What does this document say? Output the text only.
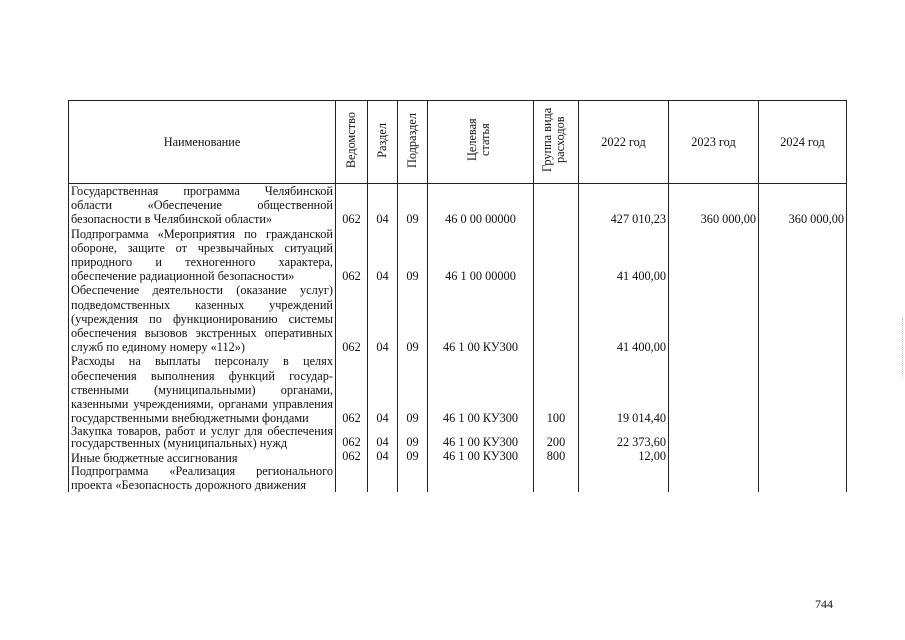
Наименование	Ведомство	Раздел	Подраздел	Целевая статья	Группа вида расходов	2022 год	2023 год	2024 год
Государственная программа Челябинской области «Обеспечение общественной безопасности в Челябинской области»	062	04	09	46 0 00 00000		427 010,23	360 000,00	360 000,00
Подпрограмма «Мероприятия по гражданской обороне, защите от чрезвычайных ситуаций природного и техногенного характера, обеспечение радиационной безопасности»	062	04	09	46 1 00 00000		41 400,00		
Обеспечение деятельности (оказание услуг) подведомственных казенных учреждений (учреждения по функционированию системы обеспечения вызовов экстренных оперативных служб по единому номеру «112»)	062	04	09	46 1 00 КУ300		41 400,00		
Расходы на выплаты персоналу в целях обеспечения выполнения функций государственными (муниципальными) органами, казенными учреждениями, органами управления государственными внебюджетными фондами	062	04	09	46 1 00 КУ300	100	19 014,40		
Закупка товаров, работ и услуг для обеспечения государственных (муниципальных) нужд	062	04	09	46 1 00 КУ300	200	22 373,60		
Иные бюджетные ассигнования	062	04	09	46 1 00 КУ300	800	12,00		
Подпрограмма «Реализация регионального проекта «Безопасность дорожного движения								
744
